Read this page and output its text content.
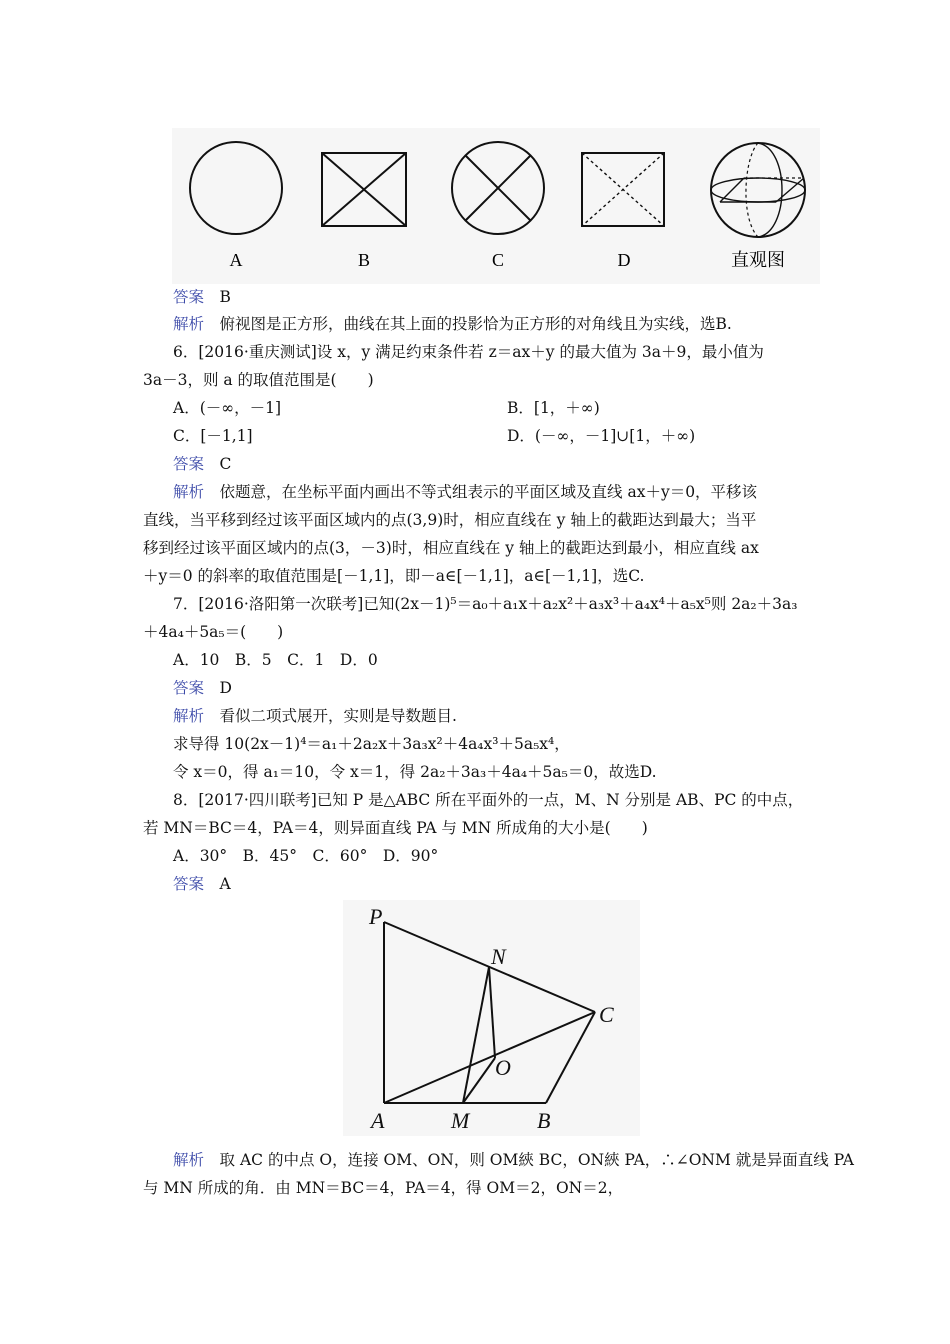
A	B	C	D	直观图
答案　 B
解析　 俯视图是正方形，曲线在其上面的投影恰为正方形的对角线且为实线，选B.
6．[2016·重庆测试]设 x，y 满足约束条件若 z＝ax＋y 的最大值为 3a＋9，最小值为
3a－3，则 a 的取值范围是(　　)
A．(－∞，－1]	B．[1，＋∞)
C．[－1,1]	D．(－∞，－1]∪[1，＋∞)
答案　 C
解析　 依题意，在坐标平面内画出不等式组表示的平面区域及直线 ax＋y＝0，平移该
直线，当平移到经过该平面区域内的点(3,9)时，相应直线在 y 轴上的截距达到最大；当平
移到经过该平面区域内的点(3，－3)时，相应直线在 y 轴上的截距达到最小，相应直线 ax
＋y＝0 的斜率的取值范围是[－1,1]，即－a∈[－1,1]，a∈[－1,1]，选C.
7．[2016·洛阳第一次联考]已知(2x－1)⁵＝a₀＋a₁x＋a₂x²＋a₃x³＋a₄x⁴＋a₅x⁵则 2a₂＋3a₃
＋4a₄＋5a₅＝(　　)
A．10　B．5　C．1　D．0
答案　 D
解析　 看似二项式展开，实则是导数题目.
求导得 10(2x－1)⁴＝a₁＋2a₂x＋3a₃x²＋4a₄x³＋5a₅x⁴，
令 x＝0，得 a₁＝10，令 x＝1，得 2a₂＋3a₃＋4a₄＋5a₅＝0，故选D.
8．[2017·四川联考]已知 P 是△ABC 所在平面外的一点，M、N 分别是 AB、PC 的中点，
若 MN＝BC＝4，PA＝4，则异面直线 PA 与 MN 所成角的大小是(　　)
A．30°　B．45°　C．60°　D．90°
答案　 A
P
N
C
O
A	M	B
解析　 取 AC 的中点 O，连接 OM、ON，则 OM綊 BC，ON綊 PA，∴∠ONM 就是异面直线 PA
与 MN 所成的角．由 MN＝BC＝4，PA＝4，得 OM＝2，ON＝2，
